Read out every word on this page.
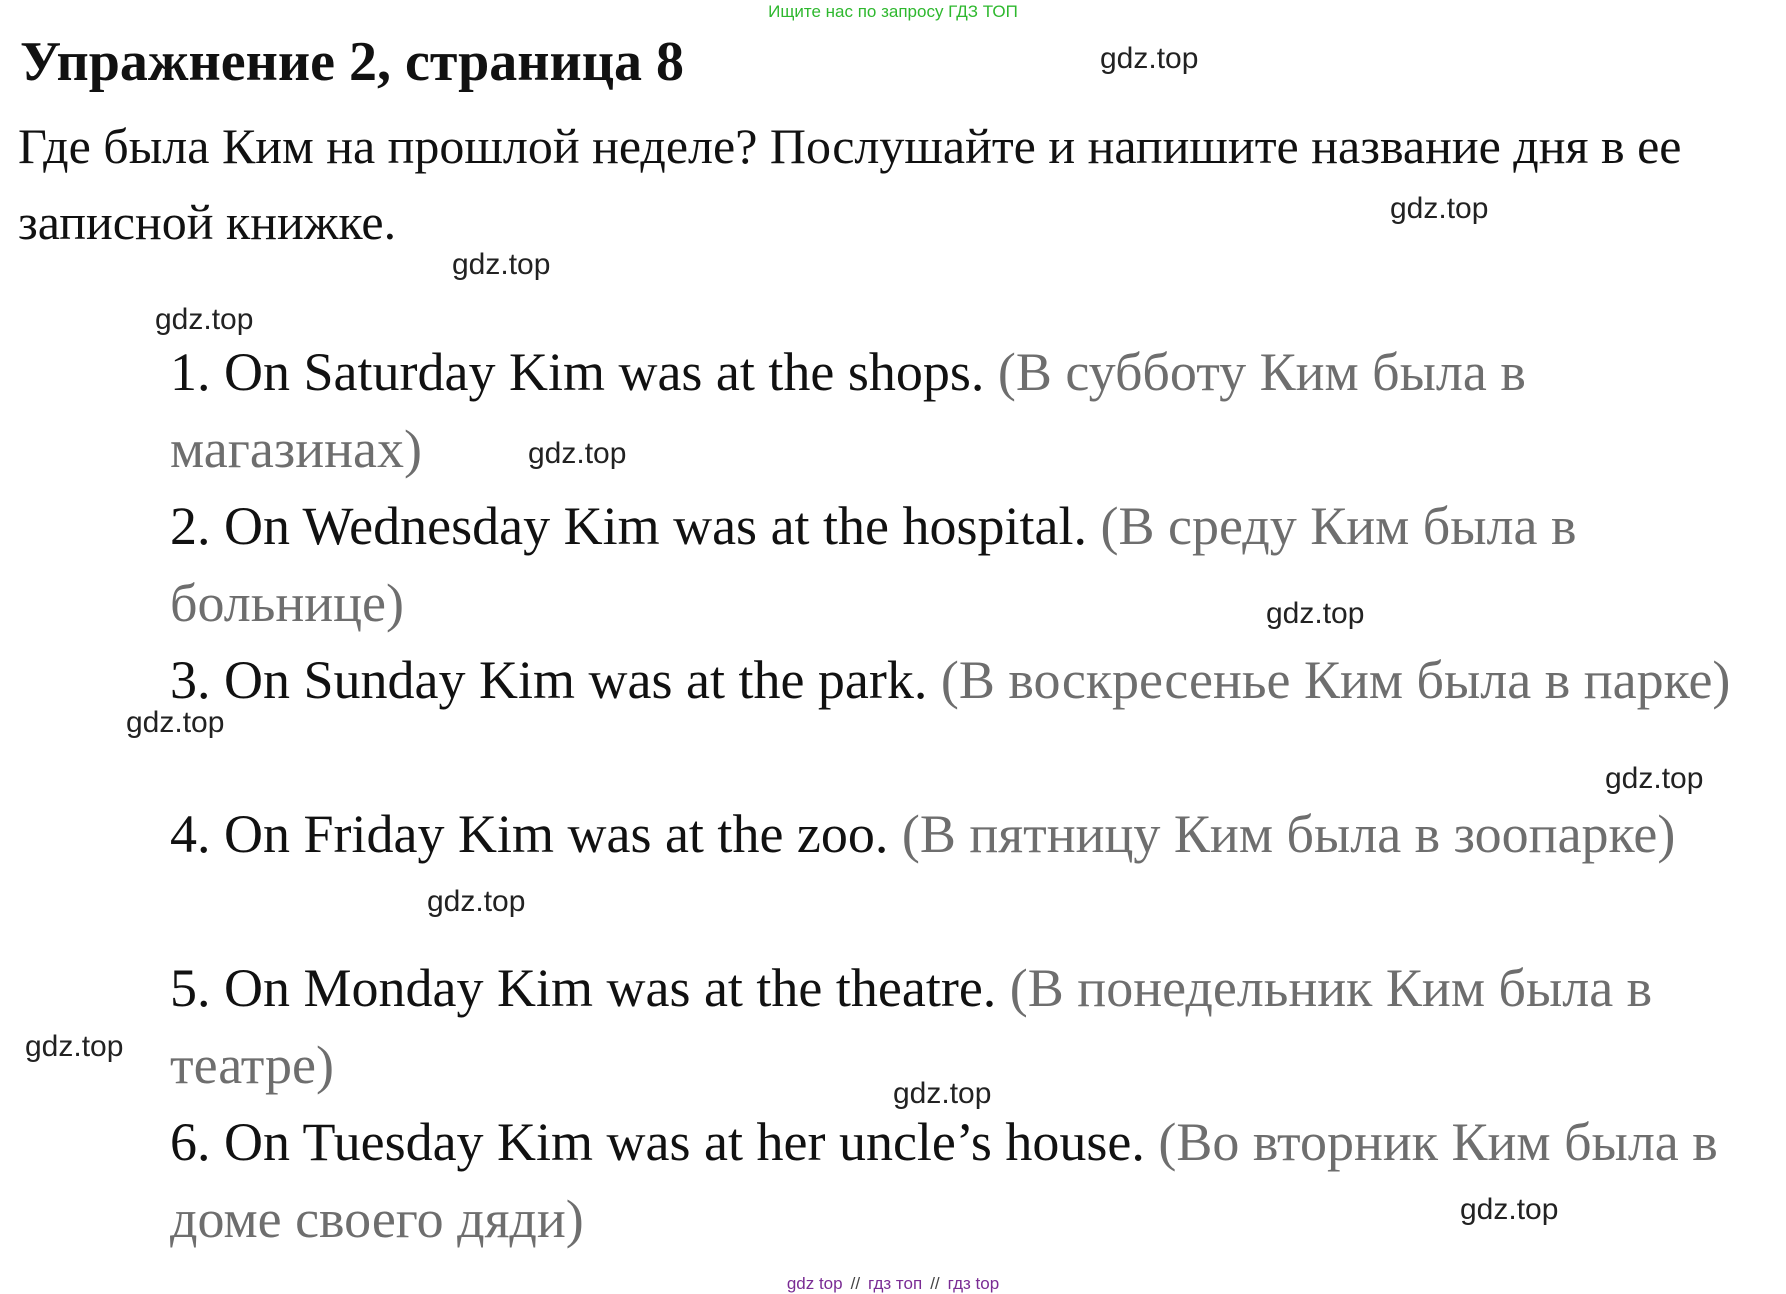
Ищите нас по запросу ГДЗ ТОП
Упражнение 2, страница 8
Где была Ким на прошлой неделе? Послушайте и напишите название дня в ее записной книжке.
1. On Saturday Kim was at the shops. (В субботу Ким была в магазинах)
2. On Wednesday Kim was at the hospital. (В среду Ким была в больнице)
3. On Sunday Kim was at the park. (В воскресенье Ким была в парке)
4. On Friday Kim was at the zoo. (В пятницу Ким была в зоопарке)
5. On Monday Kim was at the theatre. (В понедельник Ким была в театре)
6. On Tuesday Kim was at her uncle’s house. (Во вторник Ким была в доме своего дяди)
gdz.top
gdz.top
gdz.top
gdz.top
gdz.top
gdz.top
gdz.top
gdz.top
gdz.top
gdz.top
gdz.top
gdz.top
gdz top // гдз топ // гдз top
